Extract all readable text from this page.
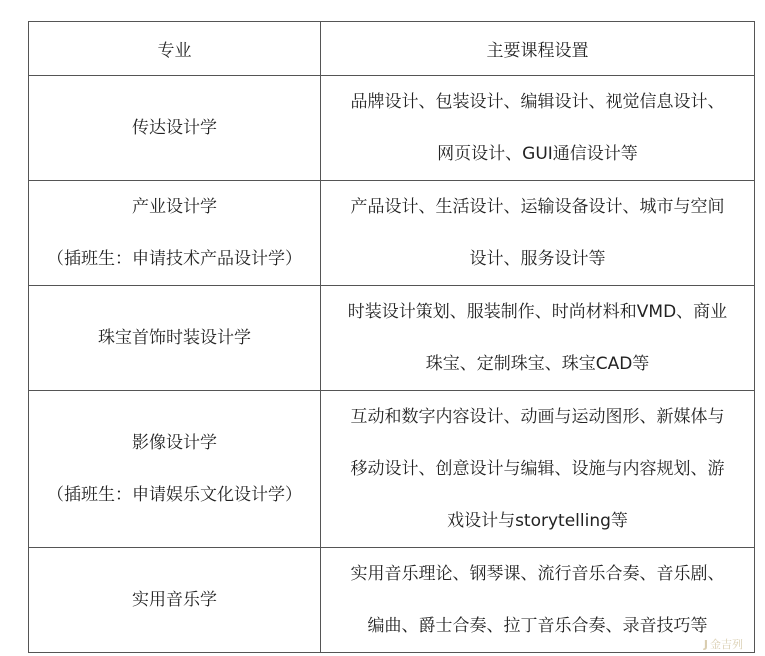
专业	主要课程设置

传达设计学	品牌设计、包装设计、编辑设计、视觉信息设计、
网页设计、GUI通信设计等

产业设计学
（插班生：申请技术产品设计学）	产品设计、生活设计、运输设备设计、城市与空间
设计、服务设计等

珠宝首饰时装设计学	时装设计策划、服装制作、时尚材料和VMD、商业
珠宝、定制珠宝、珠宝CAD等

影像设计学
（插班生：申请娱乐文化设计学）	互动和数字内容设计、动画与运动图形、新媒体与
移动设计、创意设计与编辑、设施与内容规划、游
戏设计与storytelling等

实用音乐学	实用音乐理论、钢琴课、流行音乐合奏、音乐剧、
编曲、爵士合奏、拉丁音乐合奏、录音技巧等
J 金吉列
